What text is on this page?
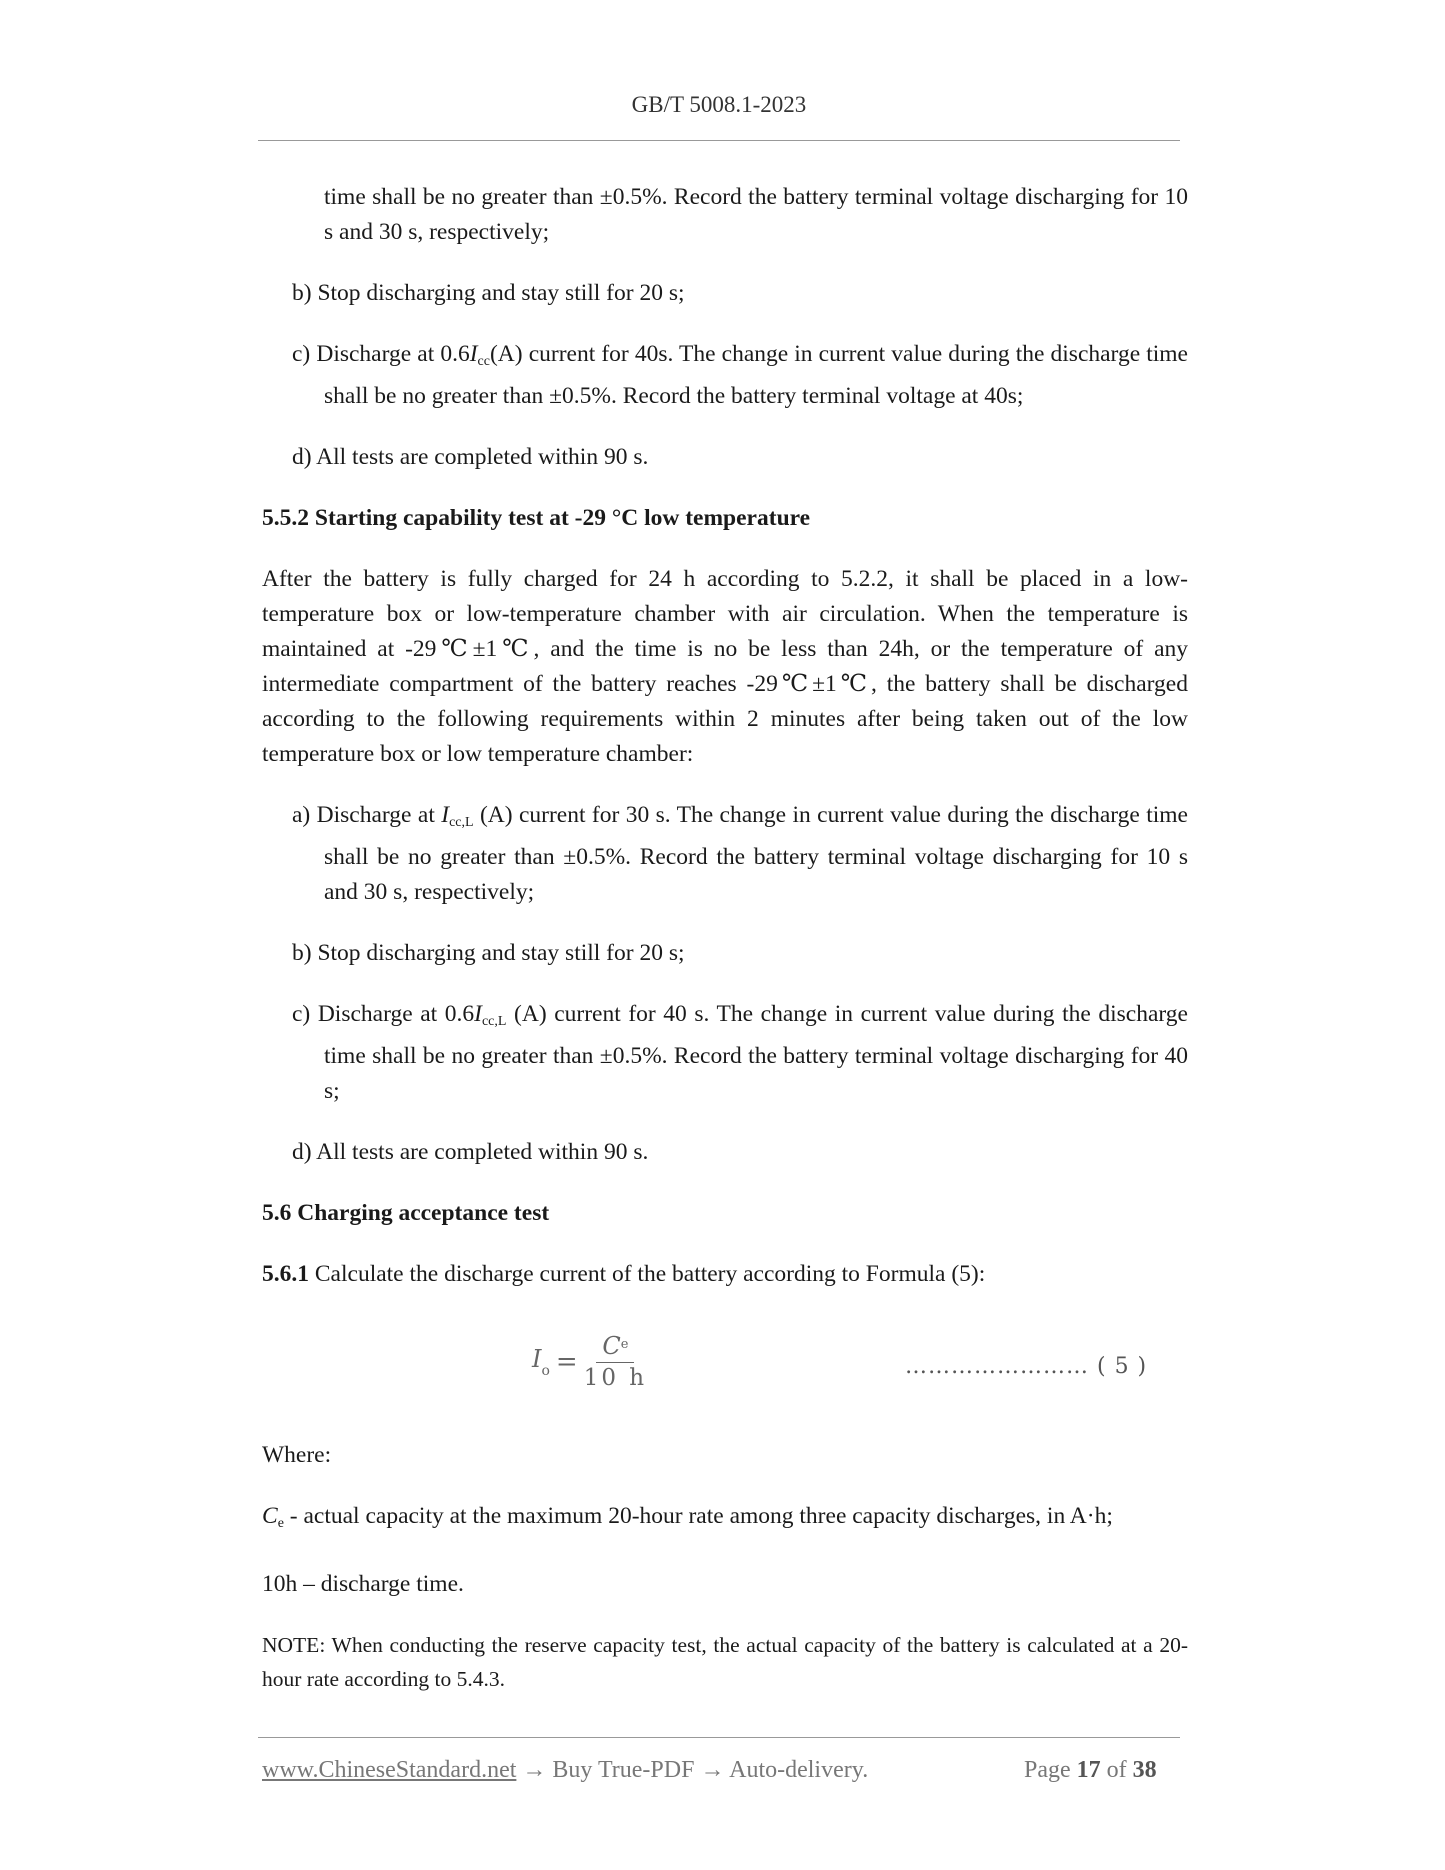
GB/T 5008.1-2023

time shall be no greater than ±0.5%. Record the battery terminal voltage discharging for 10 s and 30 s, respectively;

b) Stop discharging and stay still for 20 s;

c) Discharge at $0.6I_{cc}(A)$ current for 40s. The change in current value during the discharge time shall be no greater than ±0.5%. Record the battery terminal voltage at 40s;

d) All tests are completed within 90 s.

5.5.2 Starting capability test at -29 °C low temperature

After the battery is fully charged for 24 h according to 5.2.2, it shall be placed in a low-temperature box or low-temperature chamber with air circulation. When the temperature is maintained at -29℃±1℃, and the time is no be less than 24h, or the temperature of any intermediate compartment of the battery reaches -29℃±1℃, the battery shall be discharged according to the following requirements within 2 minutes after being taken out of the low temperature box or low temperature chamber:

a) Discharge at $I_{cc,L}$ (A) current for 30 s. The change in current value during the discharge time shall be no greater than ±0.5%. Record the battery terminal voltage discharging for 10 s and 30 s, respectively;

b) Stop discharging and stay still for 20 s;

c) Discharge at $0.6I_{cc,L}$ (A) current for 40 s. The change in current value during the discharge time shall be no greater than ±0.5%. Record the battery terminal voltage discharging for 40 s;

d) All tests are completed within 90 s.

5.6 Charging acceptance test

5.6.1 Calculate the discharge current of the battery according to Formula (5):

$I_o = \frac{C^e}{10 h}$	…………………… ( 5 )

Where:

$C_e$ - actual capacity at the maximum 20-hour rate among three capacity discharges, in A·h;

10h – discharge time.

NOTE: When conducting the reserve capacity test, the actual capacity of the battery is calculated at a 20-hour rate according to 5.4.3.

www.ChineseStandard.net → Buy True-PDF → Auto-delivery.	Page 17 of 38
